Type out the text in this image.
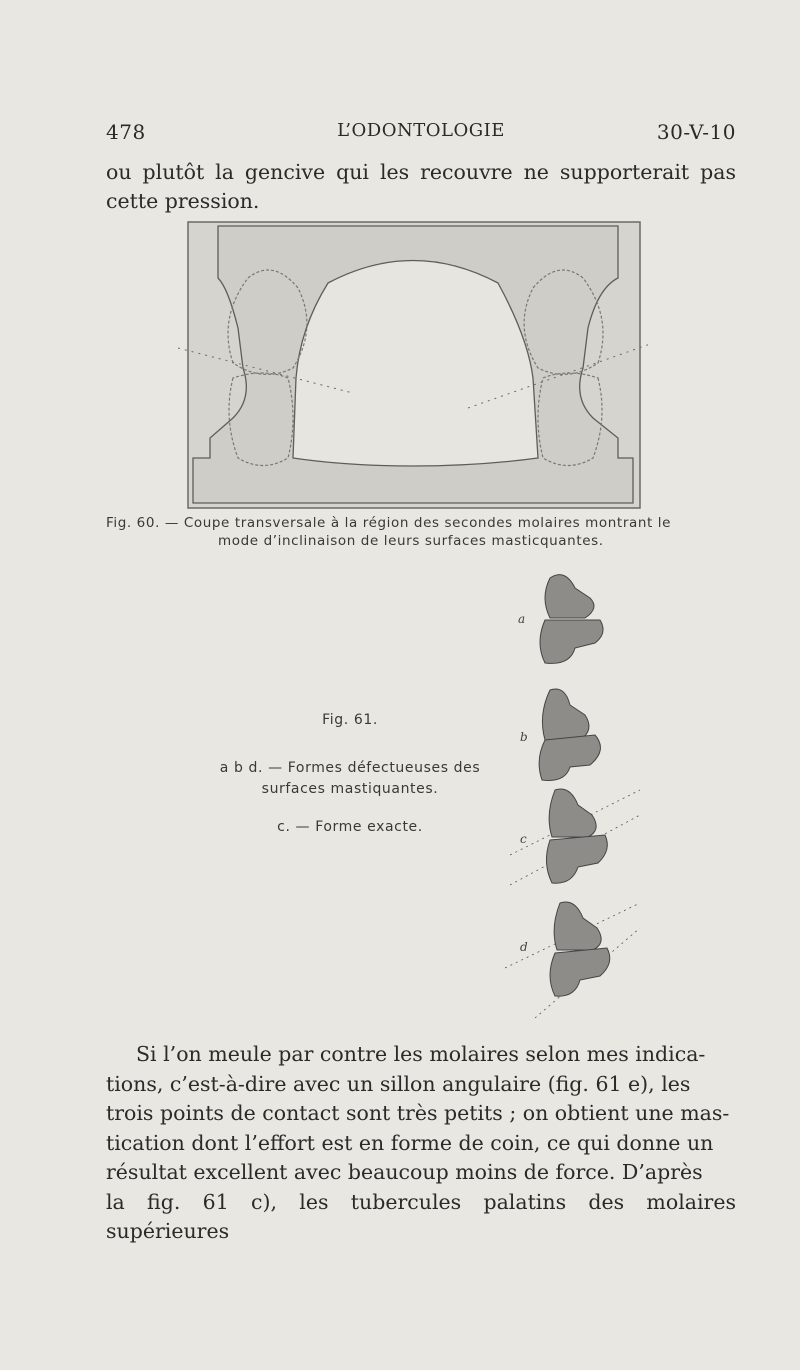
478	L’ODONTOLOGIE	30-V-10
ou plutôt la gencive qui les recouvre ne supporterait pas cette pression.
Fig. 60. — Coupe transversale à la région des secondes molaires montrant le
mode d’inclinaison de leurs surfaces masticquantes.
Fig. 61.
a b d. — Formes défectueuses des
surfaces mastiquantes.
c. — Forme exacte.
a
b
c
d
Si l’on meule par contre les molaires selon mes indica-
tions, c’est-à-dire avec un sillon angulaire (fig. 61 e), les
trois points de contact sont très petits ; on obtient une mas-
tication dont l’effort est en forme de coin, ce qui donne un
résultat excellent avec beaucoup moins de force. D’après
la fig. 61 c), les tubercules palatins des molaires supérieures
